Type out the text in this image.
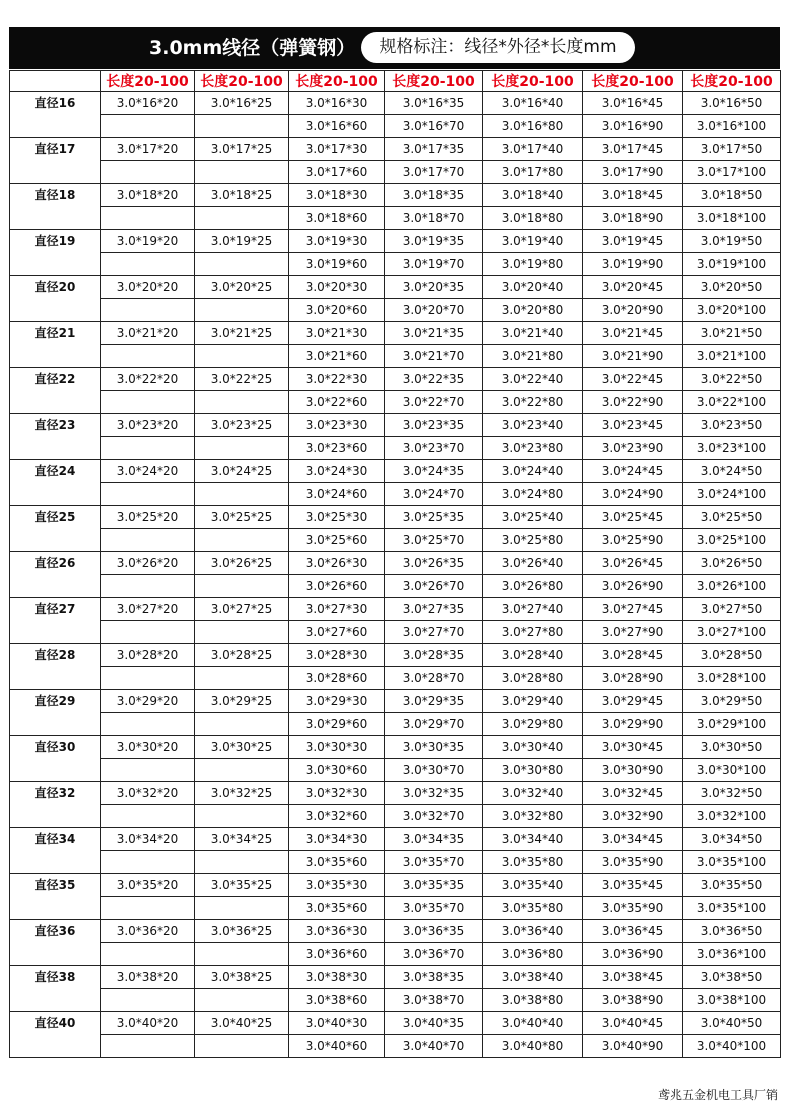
3.0mm线径（弹簧钢）	规格标注：线径*外径*长度mm
	长度20-100	长度20-100	长度20-100	长度20-100	长度20-100	长度20-100	长度20-100
直径16	3.0*16*20	3.0*16*25	3.0*16*30	3.0*16*35	3.0*16*40	3.0*16*45	3.0*16*50
			3.0*16*60	3.0*16*70	3.0*16*80	3.0*16*90	3.0*16*100
直径17	3.0*17*20	3.0*17*25	3.0*17*30	3.0*17*35	3.0*17*40	3.0*17*45	3.0*17*50
			3.0*17*60	3.0*17*70	3.0*17*80	3.0*17*90	3.0*17*100
直径18	3.0*18*20	3.0*18*25	3.0*18*30	3.0*18*35	3.0*18*40	3.0*18*45	3.0*18*50
			3.0*18*60	3.0*18*70	3.0*18*80	3.0*18*90	3.0*18*100
直径19	3.0*19*20	3.0*19*25	3.0*19*30	3.0*19*35	3.0*19*40	3.0*19*45	3.0*19*50
			3.0*19*60	3.0*19*70	3.0*19*80	3.0*19*90	3.0*19*100
直径20	3.0*20*20	3.0*20*25	3.0*20*30	3.0*20*35	3.0*20*40	3.0*20*45	3.0*20*50
			3.0*20*60	3.0*20*70	3.0*20*80	3.0*20*90	3.0*20*100
直径21	3.0*21*20	3.0*21*25	3.0*21*30	3.0*21*35	3.0*21*40	3.0*21*45	3.0*21*50
			3.0*21*60	3.0*21*70	3.0*21*80	3.0*21*90	3.0*21*100
直径22	3.0*22*20	3.0*22*25	3.0*22*30	3.0*22*35	3.0*22*40	3.0*22*45	3.0*22*50
			3.0*22*60	3.0*22*70	3.0*22*80	3.0*22*90	3.0*22*100
直径23	3.0*23*20	3.0*23*25	3.0*23*30	3.0*23*35	3.0*23*40	3.0*23*45	3.0*23*50
			3.0*23*60	3.0*23*70	3.0*23*80	3.0*23*90	3.0*23*100
直径24	3.0*24*20	3.0*24*25	3.0*24*30	3.0*24*35	3.0*24*40	3.0*24*45	3.0*24*50
			3.0*24*60	3.0*24*70	3.0*24*80	3.0*24*90	3.0*24*100
直径25	3.0*25*20	3.0*25*25	3.0*25*30	3.0*25*35	3.0*25*40	3.0*25*45	3.0*25*50
			3.0*25*60	3.0*25*70	3.0*25*80	3.0*25*90	3.0*25*100
直径26	3.0*26*20	3.0*26*25	3.0*26*30	3.0*26*35	3.0*26*40	3.0*26*45	3.0*26*50
			3.0*26*60	3.0*26*70	3.0*26*80	3.0*26*90	3.0*26*100
直径27	3.0*27*20	3.0*27*25	3.0*27*30	3.0*27*35	3.0*27*40	3.0*27*45	3.0*27*50
			3.0*27*60	3.0*27*70	3.0*27*80	3.0*27*90	3.0*27*100
直径28	3.0*28*20	3.0*28*25	3.0*28*30	3.0*28*35	3.0*28*40	3.0*28*45	3.0*28*50
			3.0*28*60	3.0*28*70	3.0*28*80	3.0*28*90	3.0*28*100
直径29	3.0*29*20	3.0*29*25	3.0*29*30	3.0*29*35	3.0*29*40	3.0*29*45	3.0*29*50
			3.0*29*60	3.0*29*70	3.0*29*80	3.0*29*90	3.0*29*100
直径30	3.0*30*20	3.0*30*25	3.0*30*30	3.0*30*35	3.0*30*40	3.0*30*45	3.0*30*50
			3.0*30*60	3.0*30*70	3.0*30*80	3.0*30*90	3.0*30*100
直径32	3.0*32*20	3.0*32*25	3.0*32*30	3.0*32*35	3.0*32*40	3.0*32*45	3.0*32*50
			3.0*32*60	3.0*32*70	3.0*32*80	3.0*32*90	3.0*32*100
直径34	3.0*34*20	3.0*34*25	3.0*34*30	3.0*34*35	3.0*34*40	3.0*34*45	3.0*34*50
			3.0*35*60	3.0*35*70	3.0*35*80	3.0*35*90	3.0*35*100
直径35	3.0*35*20	3.0*35*25	3.0*35*30	3.0*35*35	3.0*35*40	3.0*35*45	3.0*35*50
			3.0*35*60	3.0*35*70	3.0*35*80	3.0*35*90	3.0*35*100
直径36	3.0*36*20	3.0*36*25	3.0*36*30	3.0*36*35	3.0*36*40	3.0*36*45	3.0*36*50
			3.0*36*60	3.0*36*70	3.0*36*80	3.0*36*90	3.0*36*100
直径38	3.0*38*20	3.0*38*25	3.0*38*30	3.0*38*35	3.0*38*40	3.0*38*45	3.0*38*50
			3.0*38*60	3.0*38*70	3.0*38*80	3.0*38*90	3.0*38*100
直径40	3.0*40*20	3.0*40*25	3.0*40*30	3.0*40*35	3.0*40*40	3.0*40*45	3.0*40*50
			3.0*40*60	3.0*40*70	3.0*40*80	3.0*40*90	3.0*40*100
鸢兆五金机电工具厂销
